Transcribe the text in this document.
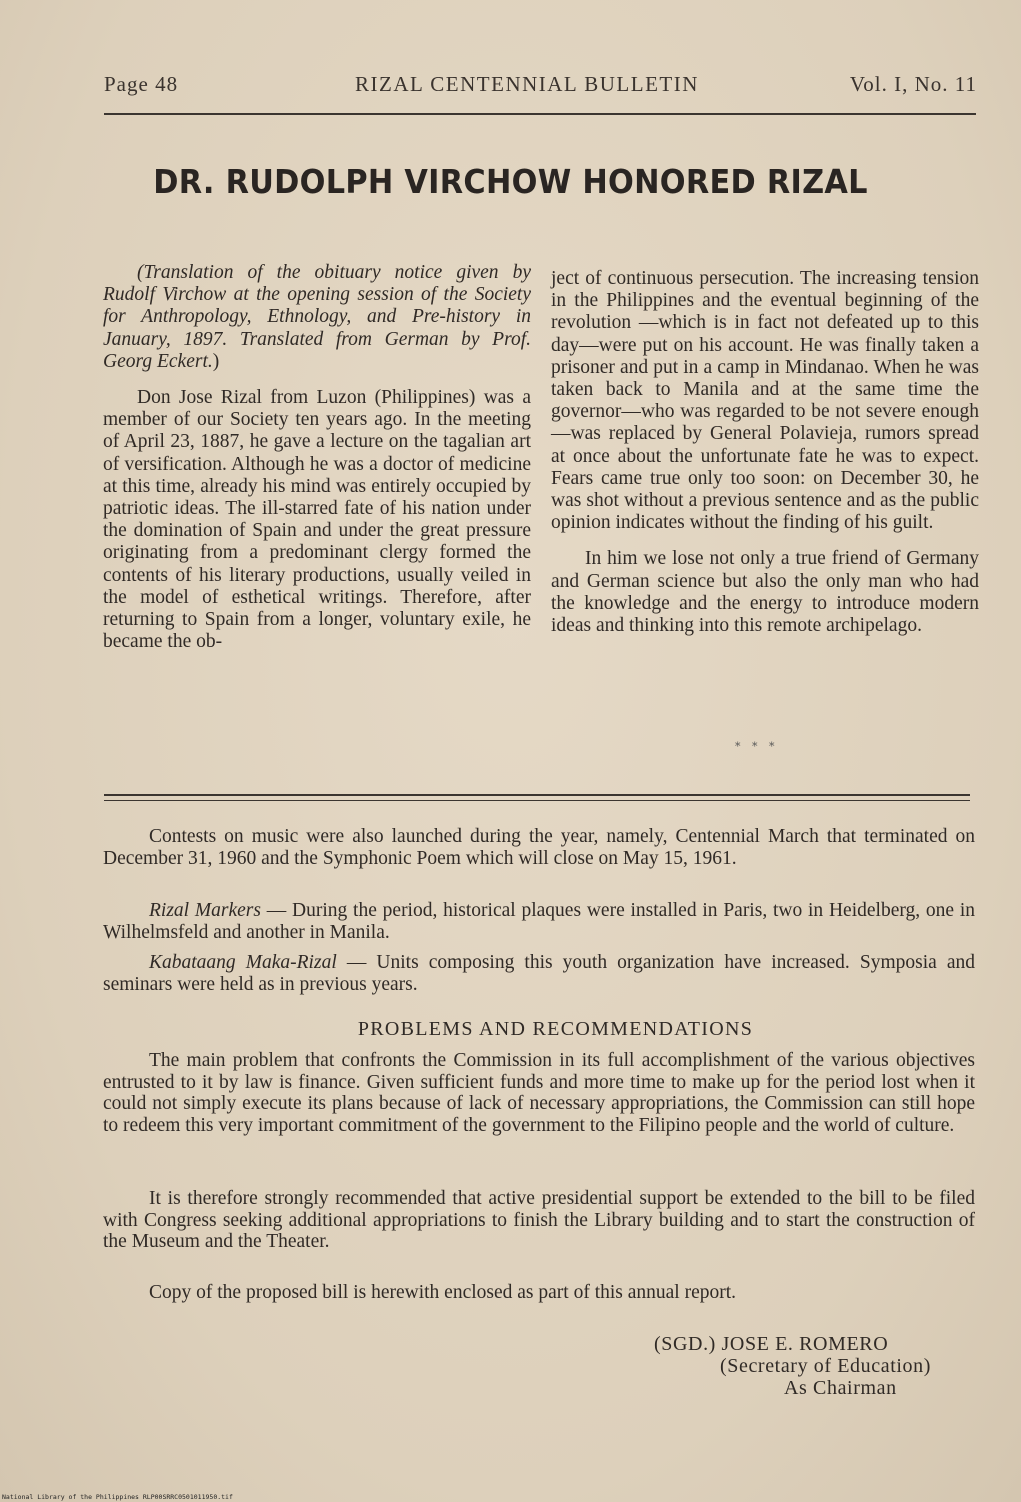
Page 48	RIZAL CENTENNIAL BULLETIN	Vol. I, No. 11
DR. RUDOLPH VIRCHOW HONORED RIZAL

(Translation of the obituary notice given by Rudolf Virchow at the opening session of the Society for Anthropology, Ethnology, and Pre-history in January, 1897. Translated from German by Prof. Georg Eckert.)

Don Jose Rizal from Luzon (Philippines) was a member of our Society ten years ago. In the meeting of April 23, 1887, he gave a lecture on the tagalian art of versification. Although he was a doctor of medicine at this time, already his mind was entirely occupied by patriotic ideas. The ill-starred fate of his nation under the domination of Spain and under the great pressure originating from a predominant clergy formed the contents of his literary productions, usually veiled in the model of esthetical writings. Therefore, after returning to Spain from a longer, voluntary exile, he became the ob-

ject of continuous persecution. The increasing tension in the Philippines and the eventual beginning of the revolution —which is in fact not defeated up to this day—were put on his account. He was finally taken a prisoner and put in a camp in Mindanao. When he was taken back to Manila and at the same time the governor—who was regarded to be not severe enough—was replaced by General Polavieja, rumors spread at once about the unfortunate fate he was to expect. Fears came true only too soon: on December 30, he was shot without a previous sentence and as the public opinion indicates without the finding of his guilt.

In him we lose not only a true friend of Germany and German science but also the only man who had the knowledge and the energy to introduce modern ideas and thinking into this remote archipelago.

* * *

Contests on music were also launched during the year, namely, Centennial March that terminated on December 31, 1960 and the Symphonic Poem which will close on May 15, 1961.

Rizal Markers — During the period, historical plaques were installed in Paris, two in Heidelberg, one in Wilhelmsfeld and another in Manila.

Kabataang Maka-Rizal — Units composing this youth organization have increased. Symposia and seminars were held as in previous years.

PROBLEMS AND RECOMMENDATIONS

The main problem that confronts the Commission in its full accomplishment of the various objectives entrusted to it by law is finance. Given sufficient funds and more time to make up for the period lost when it could not simply execute its plans because of lack of necessary appropriations, the Commission can still hope to redeem this very important commitment of the government to the Filipino people and the world of culture.

It is therefore strongly recommended that active presidential support be extended to the bill to be filed with Congress seeking additional appropriations to finish the Library building and to start the construction of the Museum and the Theater.

Copy of the proposed bill is herewith enclosed as part of this annual report.

(SGD.) JOSE E. ROMERO
(Secretary of Education)
As Chairman
National Library of the Philippines RLP00SRRC0501011950.tif
